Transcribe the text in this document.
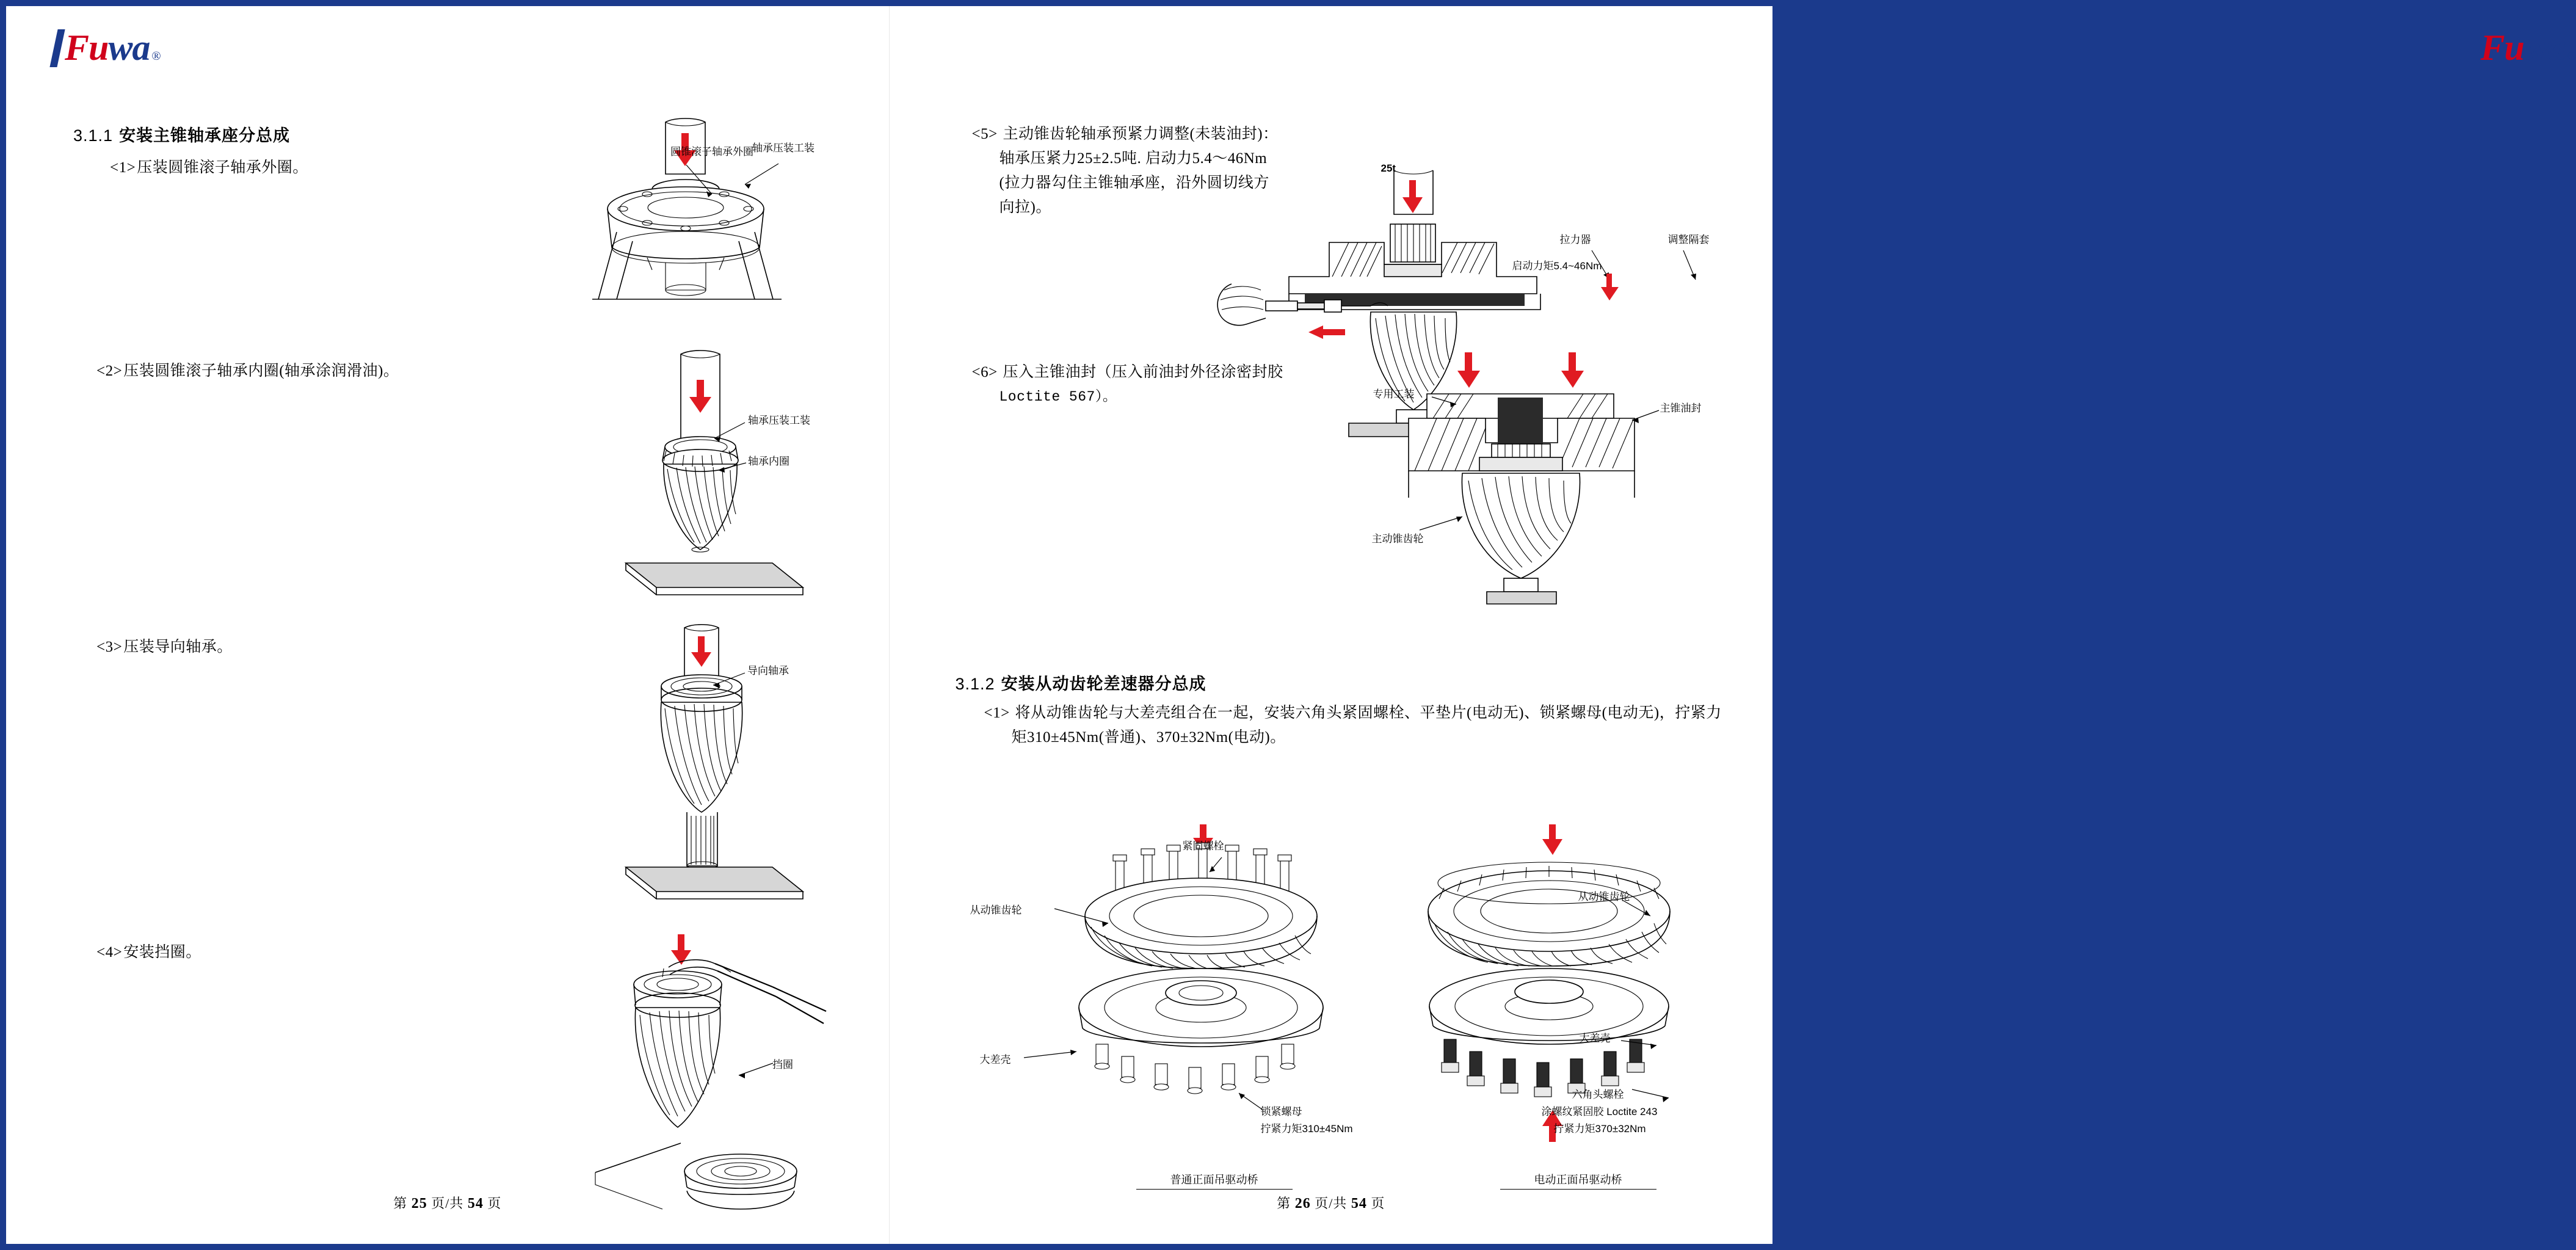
Fuwa ®
3.1.1 安装主锥轴承座分总成
<1>压装圆锥滚子轴承外圈。
<2>压装圆锥滚子轴承内圈(轴承涂润滑油)。
<3>压装导向轴承。
<4>安装挡圈。
圆锥滚子轴承外圈
轴承压装工装
轴承压装工装
轴承内圈
导向轴承
挡圈
第 25 页/共 54 页
Fuwa ®
<5> 主动锥齿轮轴承预紧力调整(未装油封)：
轴承压紧力25±2.5吨. 启动力5.4～46Nm
(拉力器勾住主锥轴承座，沿外圆切线方
向拉)。
25t
拉力器
启动力矩5.4~46Nm
调整隔套
<6> 压入主锥油封（压入前油封外径涂密封胶
Loctite 567）。	专用工装
主锥油封
主动锥齿轮
3.1.2 安装从动齿轮差速器分总成
<1> 将从动锥齿轮与大差壳组合在一起，安装六角头紧固螺栓、平垫片(电动无)、锁紧螺母(电动无)，拧紧力
矩310±45Nm(普通)、370±32Nm(电动)。
从动锥齿轮
紧固螺栓
大差壳
锁紧螺母
拧紧力矩310±45Nm
普通正面吊驱动桥
从动锥齿轮
大差壳
六角头螺栓
涂螺纹紧固胶 Loctite 243
拧紧力矩370±32Nm
电动正面吊驱动桥
第 26 页/共 54 页
